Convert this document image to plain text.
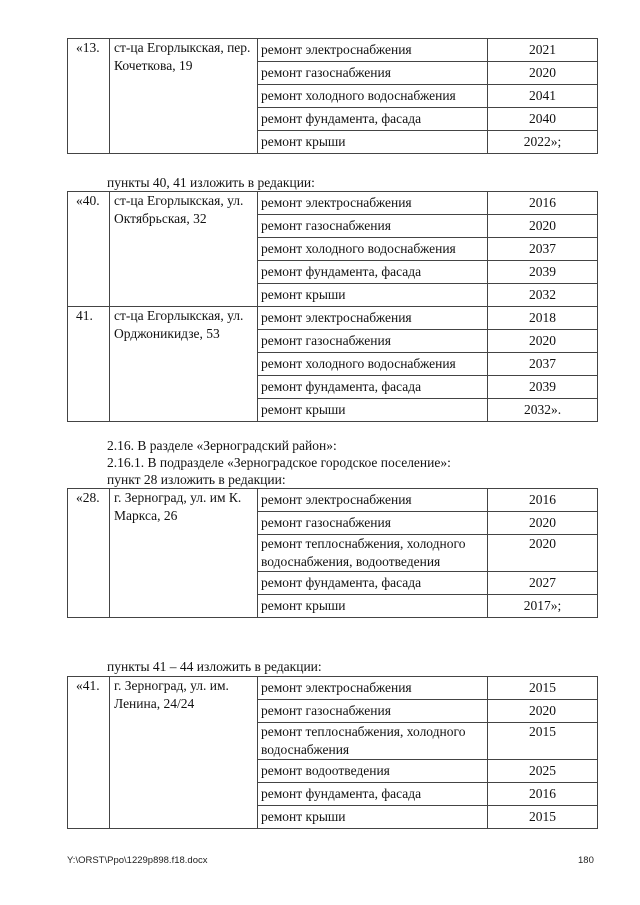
«13.	ст-ца Егорлыкская, пер. Кочеткова, 19	ремонт электроснабжения	2021
		ремонт газоснабжения	2020
		ремонт холодного водоснабжения	2041
		ремонт фундамента, фасада	2040
		ремонт крыши	2022»;
пункты 40, 41 изложить в редакции:
«40.	ст-ца Егорлыкская, ул. Октябрьская, 32	ремонт электроснабжения	2016
		ремонт газоснабжения	2020
		ремонт холодного водоснабжения	2037
		ремонт фундамента, фасада	2039
		ремонт крыши	2032
41.	ст-ца Егорлыкская, ул. Орджоникидзе, 53	ремонт электроснабжения	2018
		ремонт газоснабжения	2020
		ремонт холодного водоснабжения	2037
		ремонт фундамента, фасада	2039
		ремонт крыши	2032».
2.16. В разделе «Зерноградский район»:
2.16.1. В подразделе «Зерноградское городское поселение»:
пункт 28 изложить в редакции:
«28.	г. Зерноград, ул. им К. Маркса, 26	ремонт электроснабжения	2016
		ремонт газоснабжения	2020
		ремонт теплоснабжения, холодного водоснабжения, водоотведения	2020
		ремонт фундамента, фасада	2027
		ремонт крыши	2017»;
пункты 41 – 44 изложить в редакции:
«41.	г. Зерноград, ул. им. Ленина, 24/24	ремонт электроснабжения	2015
		ремонт газоснабжения	2020
		ремонт теплоснабжения, холодного водоснабжения	2015
		ремонт водоотведения	2025
		ремонт фундамента, фасада	2016
		ремонт крыши	2015
Y:\ORST\Ppo\1229p898.f18.docx	180
